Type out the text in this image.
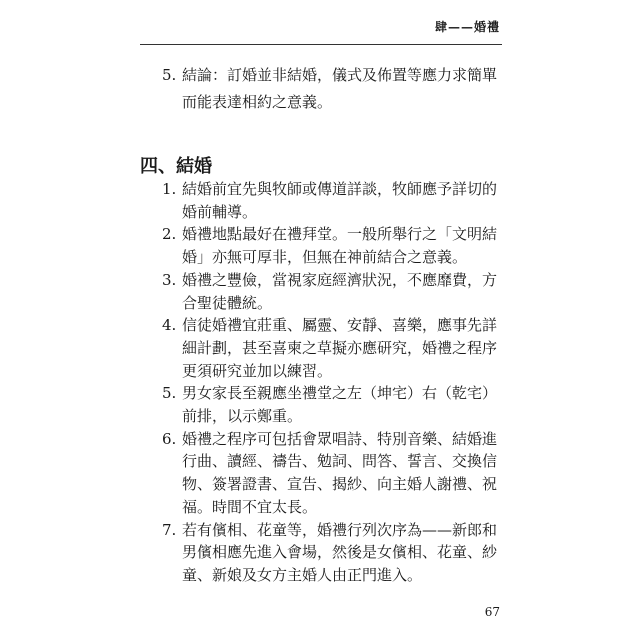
肆——婚禮
5. 結論：訂婚並非結婚，儀式及佈置等應力求簡單而能表達相約之意義。
四、結婚
1. 結婚前宜先與牧師或傳道詳談，牧師應予詳切的婚前輔導。
2. 婚禮地點最好在禮拜堂。一般所舉行之「文明結婚」亦無可厚非，但無在神前結合之意義。
3. 婚禮之豐儉，當視家庭經濟狀況，不應靡費，方合聖徒體統。
4. 信徒婚禮宜莊重、屬靈、安靜、喜樂，應事先詳細計劃，甚至喜柬之草擬亦應研究，婚禮之程序更須研究並加以練習。
5. 男女家長至親應坐禮堂之左（坤宅）右（乾宅）前排，以示鄭重。
6. 婚禮之程序可包括會眾唱詩、特別音樂、結婚進行曲、讀經、禱告、勉詞、問答、誓言、交換信物、簽署證書、宣告、揭紗、向主婚人謝禮、祝福。時間不宜太長。
7. 若有儐相、花童等，婚禮行列次序為——新郎和男儐相應先進入會場，然後是女儐相、花童、紗童、新娘及女方主婚人由正門進入。
67
